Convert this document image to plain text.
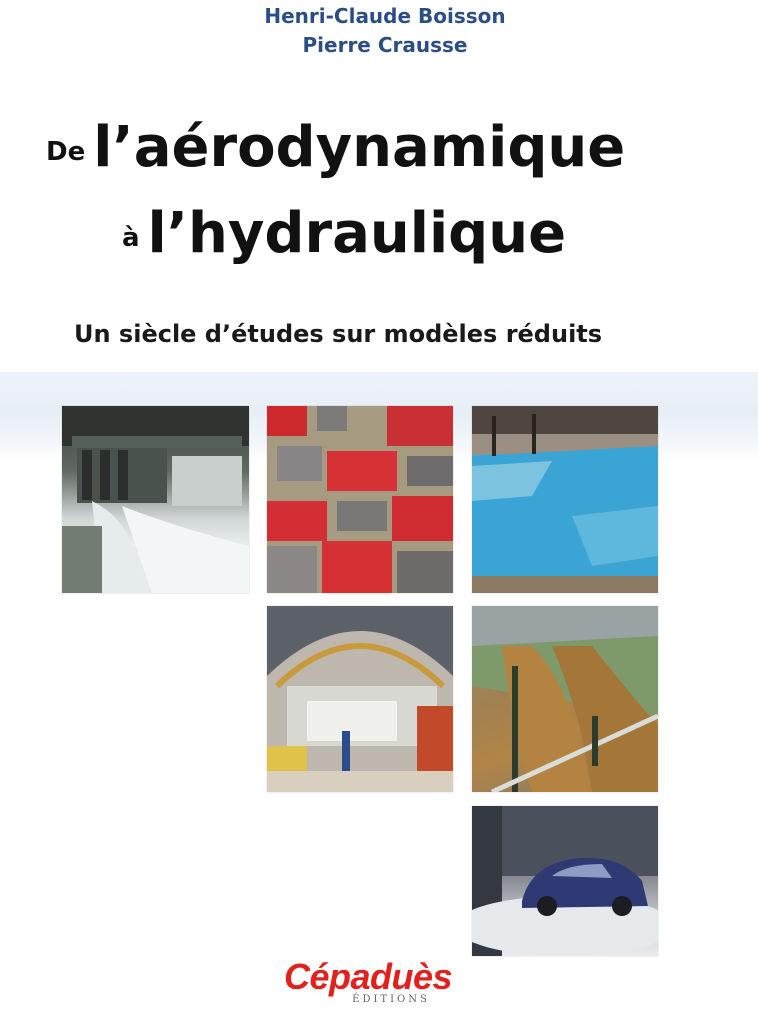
Henri-Claude Boisson
Pierre Crausse
De l’aérodynamique
à l’hydraulique
Un siècle d’études sur modèles réduits
Cépaduès
ÉDITIONS
